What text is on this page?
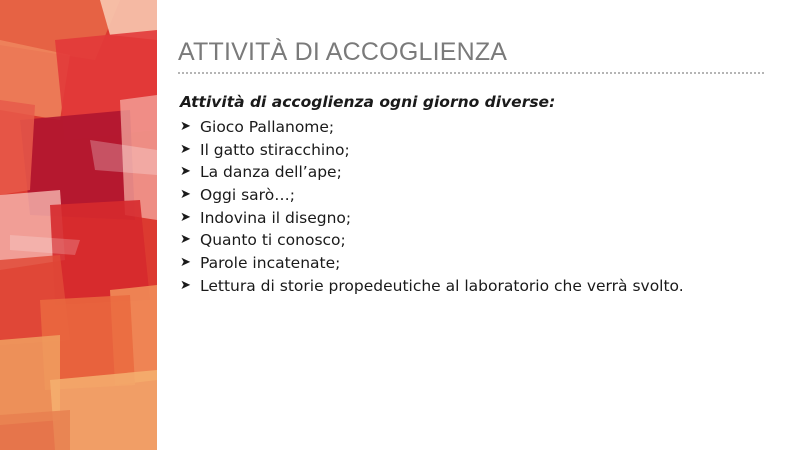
ATTIVITÀ DI ACCOGLIENZA

Attività di accoglienza ogni giorno diverse:

➤ Gioco Pallanome;
➤ Il gatto stiracchino;
➤ La danza dell’ape;
➤ Oggi sarò…;
➤ Indovina il disegno;
➤ Quanto ti conosco;
➤ Parole incatenate;
➤ Lettura di storie propedeutiche al laboratorio che verrà svolto.
